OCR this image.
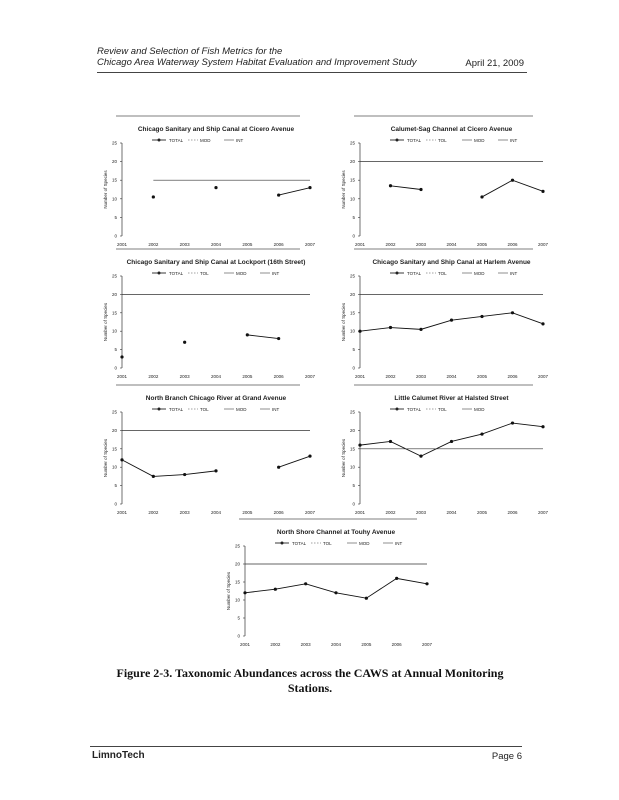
Review and Selection of Fish Metrics for the
Chicago Area Waterway System Habitat Evaluation and Improvement Study	April 21, 2009
Chicago Sanitary and Ship Canal at Cicero Avenue
TOTAL	MOD	INT
0
5
10
15
20
25
Number of Species
2001	2002	2003	2004	2005	2006	2007
Calumet-Sag Channel at Cicero Avenue
TOTAL	TOL	MOD	INT
0
5
10
15
20
25
Number of Species
2001	2002	2003	2004	2005	2006	2007
Chicago Sanitary and Ship Canal at Lockport (16th Street)
TOTAL	TOL	MOD	INT
0
5
10
15
20
25
Number of Species
2001	2002	2003	2004	2005	2006	2007
Chicago Sanitary and Ship Canal at Harlem Avenue
TOTAL	TOL	MOD	INT
0
5
10
15
20
25
Number of Species
2001	2002	2003	2004	2005	2006	2007
North Branch Chicago River at Grand Avenue
TOTAL	TOL	MOD	INT
0
5
10
15
20
25
Number of Species
2001	2002	2003	2004	2005	2006	2007
Little Calumet River at Halsted Street
TOTAL	TOL	MOD
0
5
10
15
20
25
Number of Species
2001	2002	2003	2004	2005	2006	2007
North Shore Channel at Touhy Avenue
TOTAL	TOL	MOD	INT
0
5
10
15
20
25
Number of Species
2001	2002	2003	2004	2005	2006	2007
Figure 2-3. Taxonomic Abundances across the CAWS at Annual Monitoring
Stations.
LimnoTech	Page 6
